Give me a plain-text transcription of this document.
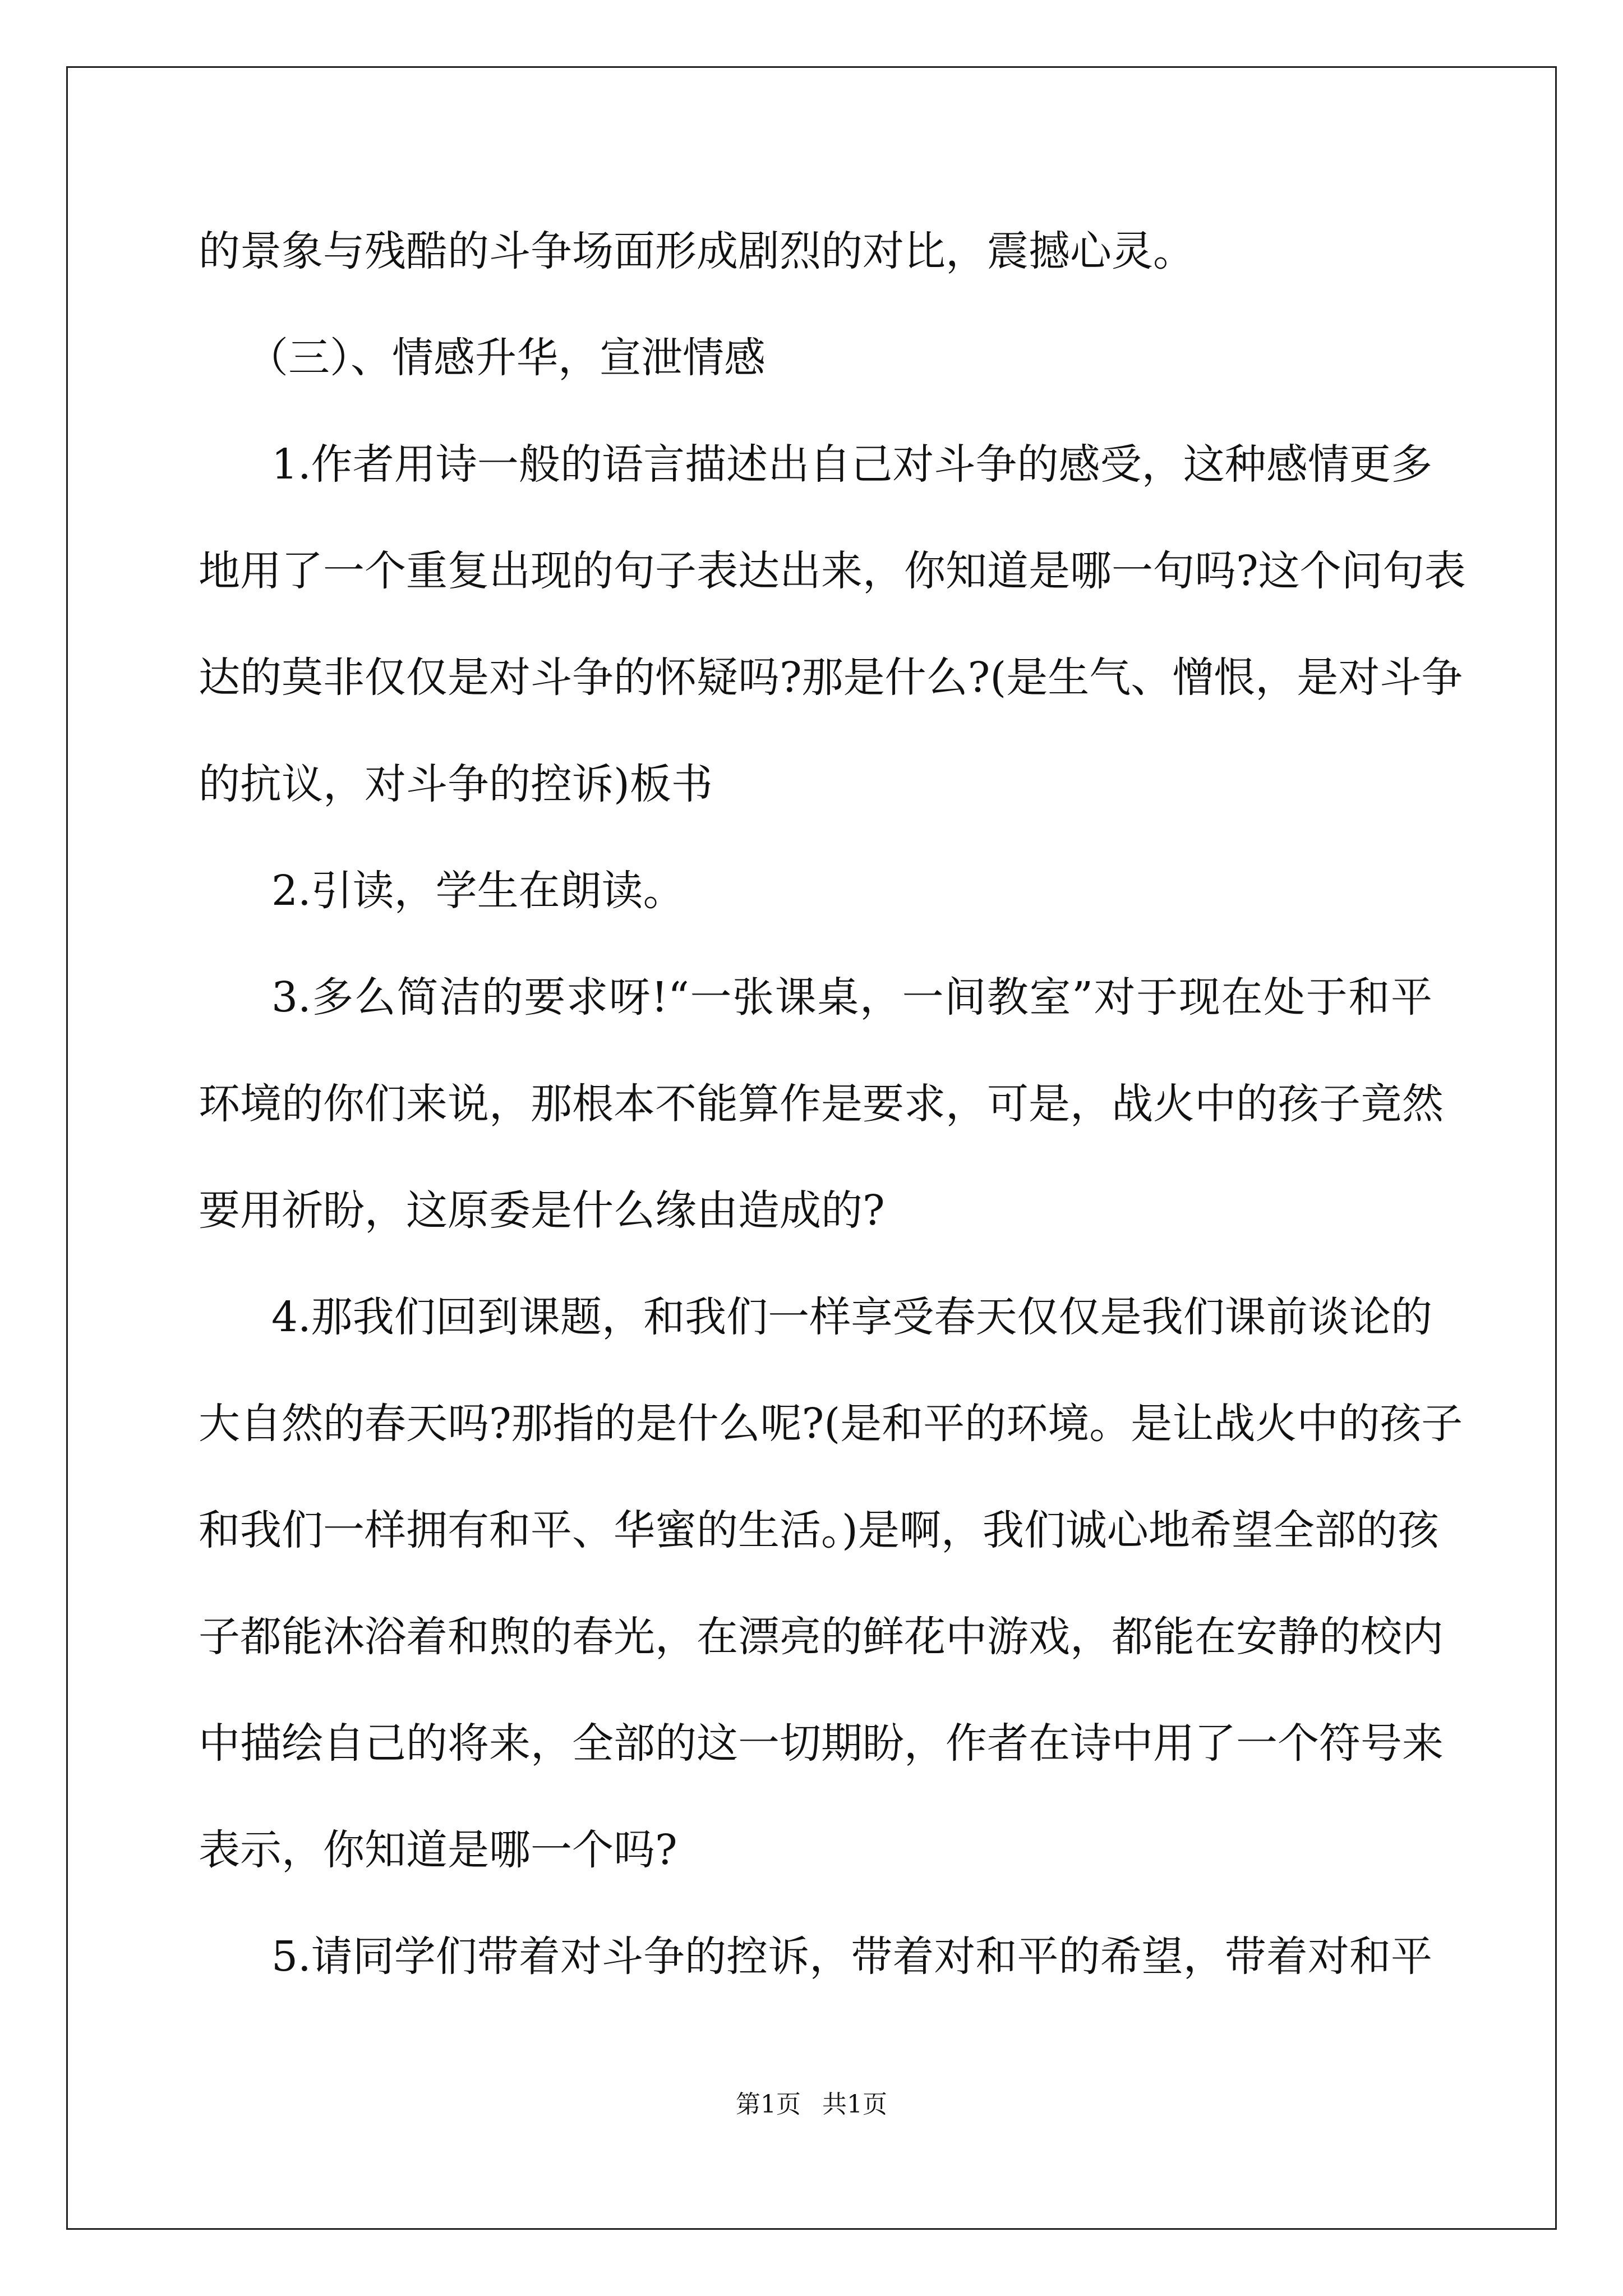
的景象与残酷的斗争场面形成剧烈的对比，震撼心灵。

（三）、情感升华，宣泄情感

1.作者用诗一般的语言描述出自己对斗争的感受，这种感情更多

地用了一个重复出现的句子表达出来，你知道是哪一句吗?这个问句表

达的莫非仅仅是对斗争的怀疑吗?那是什么?(是生气、憎恨，是对斗争

的抗议，对斗争的控诉)板书

2.引读，学生在朗读。

3.多么简洁的要求呀!“一张课桌，一间教室”对于现在处于和平

环境的你们来说，那根本不能算作是要求，可是，战火中的孩子竟然

要用祈盼，这原委是什么缘由造成的?

4.那我们回到课题，和我们一样享受春天仅仅是我们课前谈论的

大自然的春天吗?那指的是什么呢?(是和平的环境。是让战火中的孩子

和我们一样拥有和平、华蜜的生活。)是啊，我们诚心地希望全部的孩

子都能沐浴着和煦的春光，在漂亮的鲜花中游戏，都能在安静的校内

中描绘自己的将来，全部的这一切期盼，作者在诗中用了一个符号来

表示，你知道是哪一个吗?

5.请同学们带着对斗争的控诉，带着对和平的希望，带着对和平

第1页 共1页
